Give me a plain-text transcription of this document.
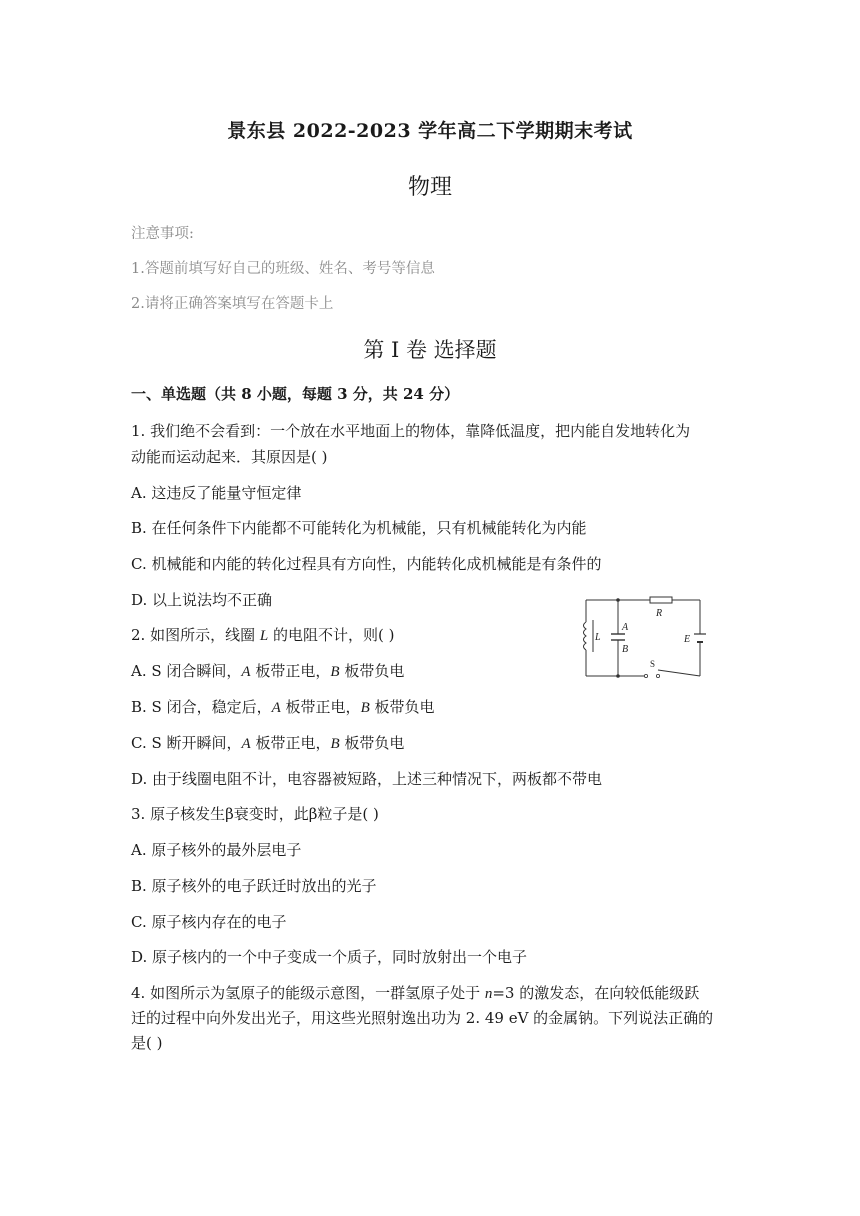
景东县 2022-2023 学年高二下学期期末考试
物理
注意事项:
1.答题前填写好自己的班级、姓名、考号等信息
2.请将正确答案填写在答题卡上
第 I 卷 选择题
一、单选题（共 8 小题，每题 3 分，共 24 分）
1. 我们绝不会看到：一个放在水平地面上的物体，靠降低温度，把内能自发地转化为
动能而运动起来．其原因是( )
A. 这违反了能量守恒定律
B. 在任何条件下内能都不可能转化为机械能，只有机械能转化为内能
C. 机械能和内能的转化过程具有方向性，内能转化成机械能是有条件的
D. 以上说法均不正确
2. 如图所示，线圈 L 的电阻不计，则( )
A. S 闭合瞬间，A 板带正电，B 板带负电
B. S 闭合，稳定后，A 板带正电，B 板带负电
C. S 断开瞬间，A 板带正电，B 板带负电
D. 由于线圈电阻不计，电容器被短路，上述三种情况下，两板都不带电
L
A
B
R
E
S
3. 原子核发生β衰变时，此β粒子是( )
A. 原子核外的最外层电子
B. 原子核外的电子跃迁时放出的光子
C. 原子核内存在的电子
D. 原子核内的一个中子变成一个质子，同时放射出一个电子
4. 如图所示为氢原子的能级示意图，一群氢原子处于 n=3 的激发态，在向较低能级跃
迁的过程中向外发出光子，用这些光照射逸出功为 2. 49 eV 的金属钠。下列说法正确的
是( )
